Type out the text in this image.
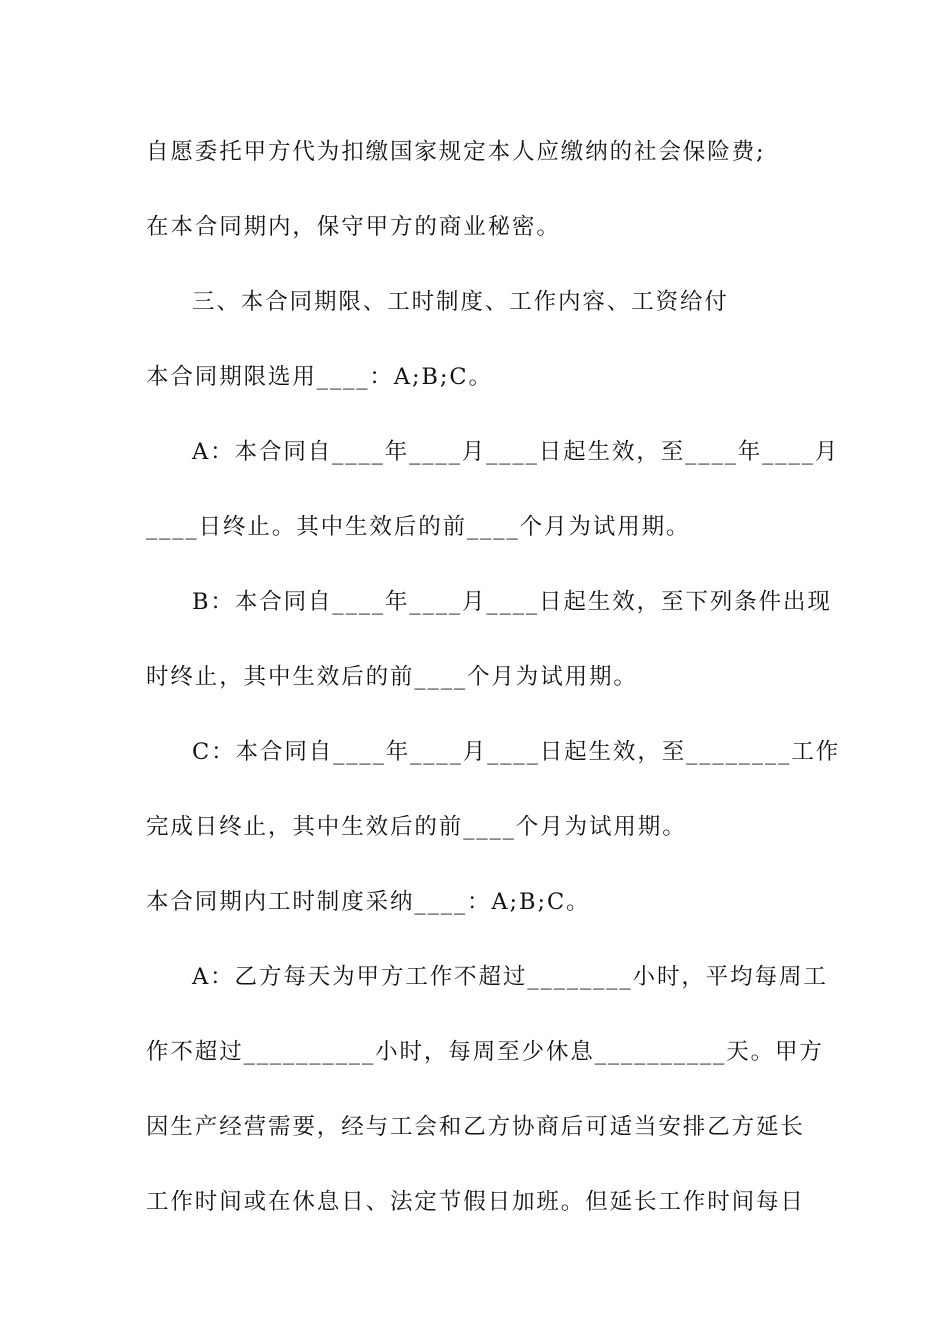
自愿委托甲方代为扣缴国家规定本人应缴纳的社会保险费;
在本合同期内，保守甲方的商业秘密。
三、本合同期限、工时制度、工作内容、工资给付
本合同期限选用____：A;B;C。
A：本合同自____年____月____日起生效，至____年____月
____日终止。其中生效后的前____个月为试用期。
B：本合同自____年____月____日起生效，至下列条件出现
时终止，其中生效后的前____个月为试用期。
C：本合同自____年____月____日起生效，至________工作
完成日终止，其中生效后的前____个月为试用期。
本合同期内工时制度采纳____：A;B;C。
A：乙方每天为甲方工作不超过________小时，平均每周工
作不超过__________小时，每周至少休息__________天。甲方
因生产经营需要，经与工会和乙方协商后可适当安排乙方延长
工作时间或在休息日、法定节假日加班。但延长工作时间每日
